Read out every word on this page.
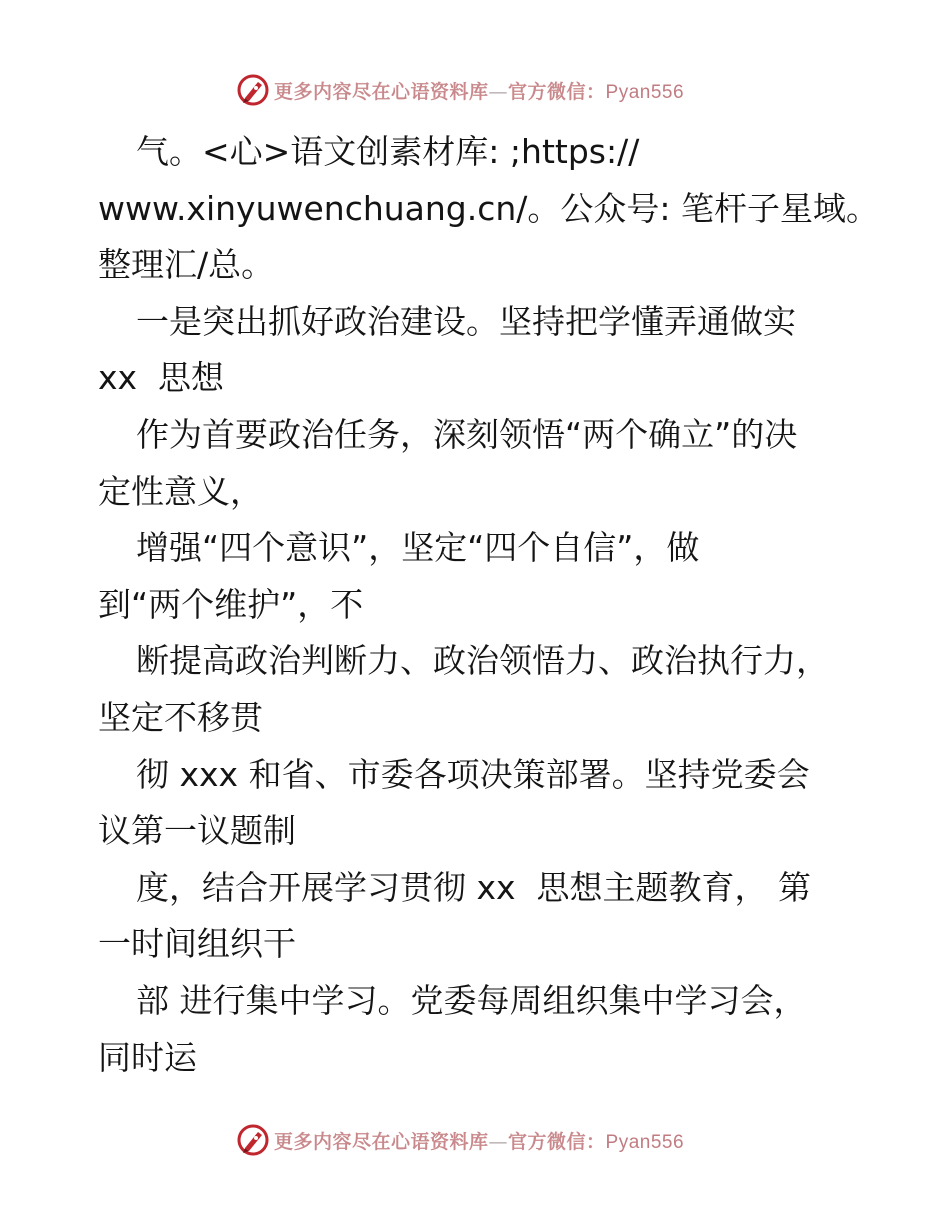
更多内容尽在心语资料库—官方微信：Pyan556
气。<心>语文创素材库: ;https://
www.xinyuwenchuang.cn/。公众号: 笔杆子星域。
整理汇/总。
一是突出抓好政治建设。坚持把学懂弄通做实
xx  思想
作为首要政治任务，深刻领悟“两个确立”的决
定性意义，
增强“四个意识”，坚定“四个自信”，做
到“两个维护”，不
断提高政治判断力、政治领悟力、政治执行力，
坚定不移贯
彻 xxx 和省、市委各项决策部署。坚持党委会
议第一议题制
度，结合开展学习贯彻 xx  思想主题教育， 第
一时间组织干
部 进行集中学习。党委每周组织集中学习会，
同时运
更多内容尽在心语资料库—官方微信：Pyan556
